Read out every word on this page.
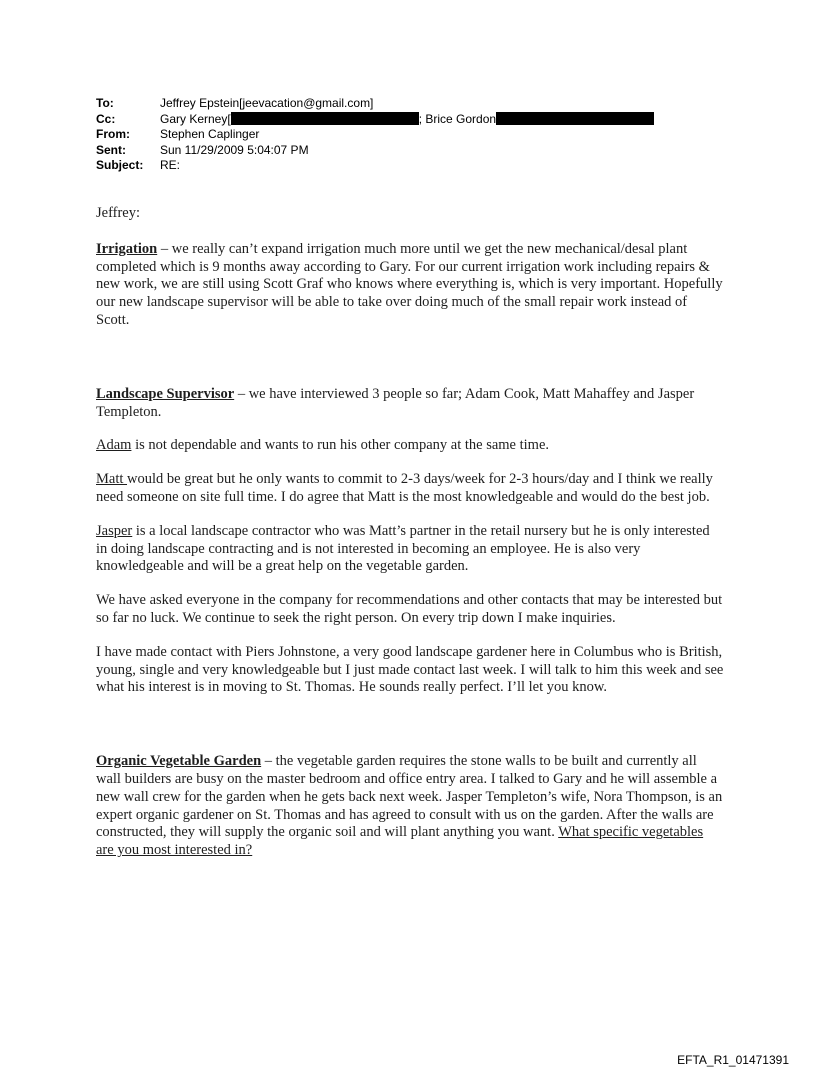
To:	Jeffrey Epstein[jeevacation@gmail.com]
Cc:	Gary Kerney[	; Brice Gordon
From:	Stephen Caplinger
Sent:	Sun 11/29/2009 5:04:07 PM
Subject: RE:

Jeffrey:

Irrigation – we really can’t expand irrigation much more until we get the new mechanical/desal plant completed which is 9 months away according to Gary. For our current irrigation work including repairs & new work, we are still using Scott Graf who knows where everything is, which is very important. Hopefully our new landscape supervisor will be able to take over doing much of the small repair work instead of Scott.

Landscape Supervisor – we have interviewed 3 people so far; Adam Cook, Matt Mahaffey and Jasper Templeton.

Adam is not dependable and wants to run his other company at the same time.

Matt would be great but he only wants to commit to 2-3 days/week for 2-3 hours/day and I think we really need someone on site full time. I do agree that Matt is the most knowledgeable and would do the best job.

Jasper is a local landscape contractor who was Matt’s partner in the retail nursery but he is only interested in doing landscape contracting and is not interested in becoming an employee. He is also very knowledgeable and will be a great help on the vegetable garden.

We have asked everyone in the company for recommendations and other contacts that may be interested but so far no luck. We continue to seek the right person. On every trip down I make inquiries.

I have made contact with Piers Johnstone, a very good landscape gardener here in Columbus who is British, young, single and very knowledgeable but I just made contact last week. I will talk to him this week and see what his interest is in moving to St. Thomas. He sounds really perfect. I’ll let you know.

Organic Vegetable Garden – the vegetable garden requires the stone walls to be built and currently all wall builders are busy on the master bedroom and office entry area. I talked to Gary and he will assemble a new wall crew for the garden when he gets back next week. Jasper Templeton’s wife, Nora Thompson, is an expert organic gardener on St. Thomas and has agreed to consult with us on the garden. After the walls are constructed, they will supply the organic soil and will plant anything you want. What specific vegetables are you most interested in?

EFTA_R1_01471391
